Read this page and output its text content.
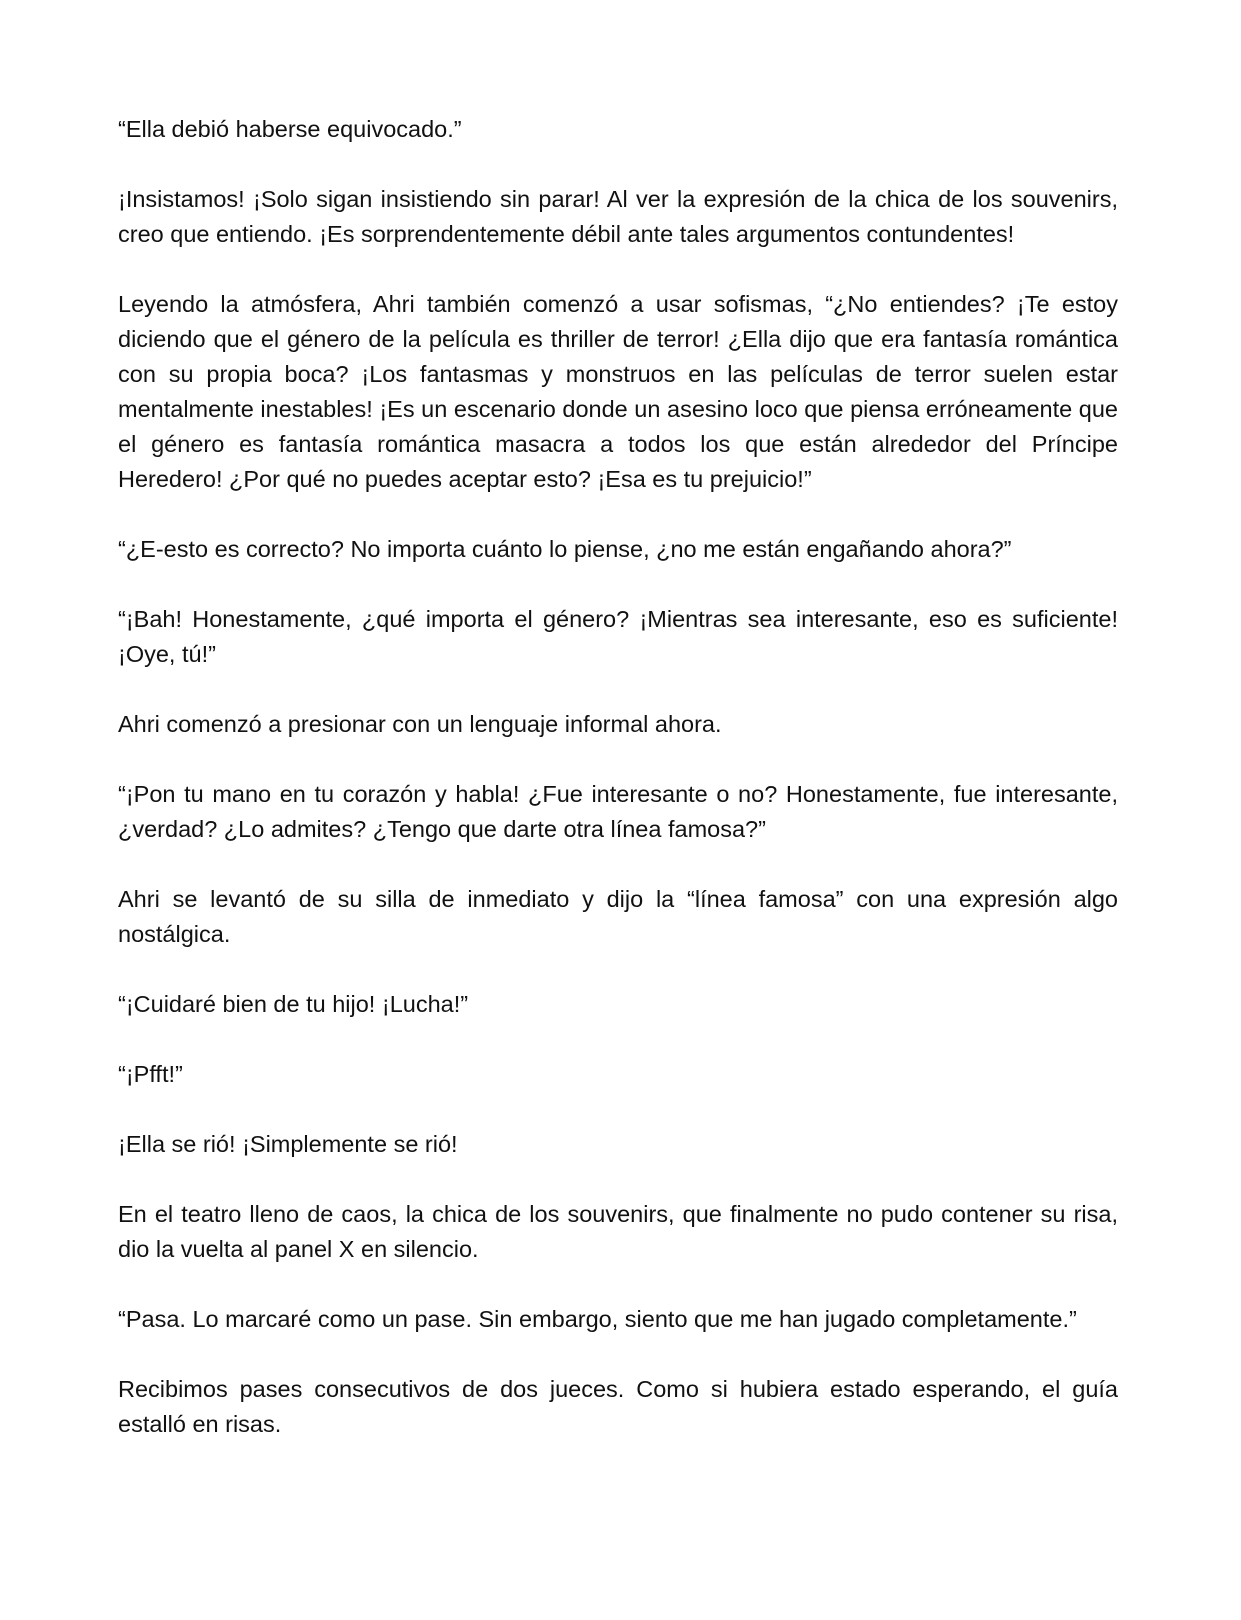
“Ella debió haberse equivocado.”

¡Insistamos! ¡Solo sigan insistiendo sin parar! Al ver la expresión de la chica de los souvenirs, creo que entiendo. ¡Es sorprendentemente débil ante tales argumentos contundentes!

Leyendo la atmósfera, Ahri también comenzó a usar sofismas, “¿No entiendes? ¡Te estoy diciendo que el género de la película es thriller de terror! ¿Ella dijo que era fantasía romántica con su propia boca? ¡Los fantasmas y monstruos en las películas de terror suelen estar mentalmente inestables! ¡Es un escenario donde un asesino loco que piensa erróneamente que el género es fantasía romántica masacra a todos los que están alrededor del Príncipe Heredero! ¿Por qué no puedes aceptar esto? ¡Esa es tu prejuicio!”

“¿E-esto es correcto? No importa cuánto lo piense, ¿no me están engañando ahora?”

“¡Bah! Honestamente, ¿qué importa el género? ¡Mientras sea interesante, eso es suficiente! ¡Oye, tú!”

Ahri comenzó a presionar con un lenguaje informal ahora.

“¡Pon tu mano en tu corazón y habla! ¿Fue interesante o no? Honestamente, fue interesante, ¿verdad? ¿Lo admites? ¿Tengo que darte otra línea famosa?”

Ahri se levantó de su silla de inmediato y dijo la “línea famosa” con una expresión algo nostálgica.

“¡Cuidaré bien de tu hijo! ¡Lucha!”

“¡Pfft!”

¡Ella se rió! ¡Simplemente se rió!

En el teatro lleno de caos, la chica de los souvenirs, que finalmente no pudo contener su risa, dio la vuelta al panel X en silencio.

“Pasa. Lo marcaré como un pase. Sin embargo, siento que me han jugado completamente.”

Recibimos pases consecutivos de dos jueces. Como si hubiera estado esperando, el guía estalló en risas.
